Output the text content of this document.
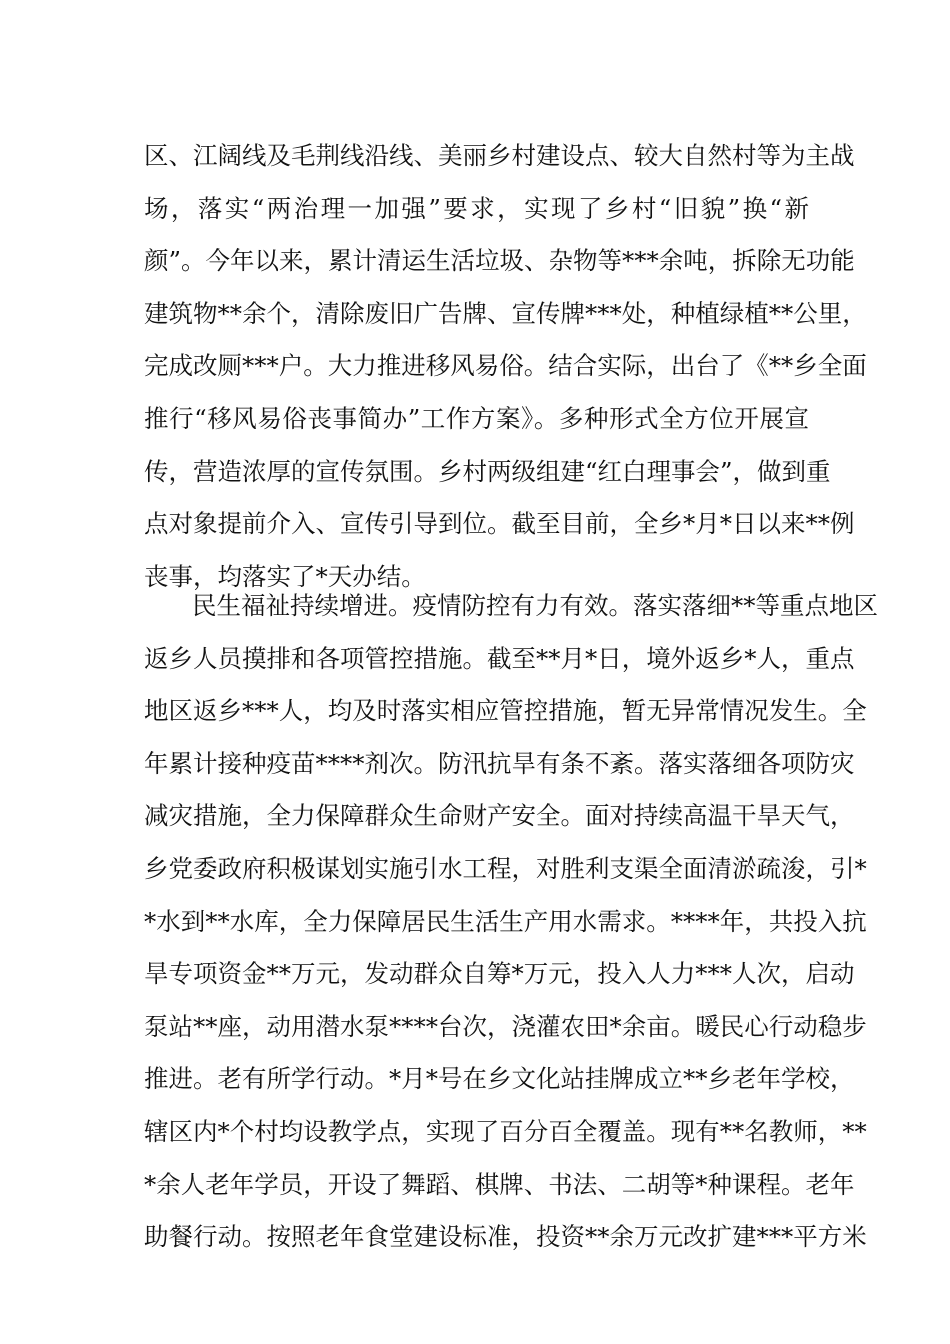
区、江阔线及毛荆线沿线、美丽乡村建设点、较大自然村等为主战
场，落实“两治理一加强”要求，实现了乡村“旧貌”换“新
颜”。今年以来，累计清运生活垃圾、杂物等***余吨，拆除无功能
建筑物**余个，清除废旧广告牌、宣传牌***处，种植绿植**公里，
完成改厕***户。大力推进移风易俗。结合实际，出台了《**乡全面
推行“移风易俗丧事简办”工作方案》。多种形式全方位开展宣
传，营造浓厚的宣传氛围。乡村两级组建“红白理事会”，做到重
点对象提前介入、宣传引导到位。截至目前，全乡*月*日以来**例
丧事，均落实了*天办结。
民生福祉持续增进。疫情防控有力有效。落实落细**等重点地区
返乡人员摸排和各项管控措施。截至**月*日，境外返乡*人，重点
地区返乡***人，均及时落实相应管控措施，暂无异常情况发生。全
年累计接种疫苗****剂次。防汛抗旱有条不紊。落实落细各项防灾
减灾措施，全力保障群众生命财产安全。面对持续高温干旱天气，
乡党委政府积极谋划实施引水工程，对胜利支渠全面清淤疏浚，引*
*水到**水库，全力保障居民生活生产用水需求。****年，共投入抗
旱专项资金**万元，发动群众自筹*万元，投入人力***人次，启动
泵站**座，动用潜水泵****台次，浇灌农田*余亩。暖民心行动稳步
推进。老有所学行动。*月*号在乡文化站挂牌成立**乡老年学校，
辖区内*个村均设教学点，实现了百分百全覆盖。现有**名教师，**
*余人老年学员，开设了舞蹈、棋牌、书法、二胡等*种课程。老年
助餐行动。按照老年食堂建设标准，投资**余万元改扩建***平方米
